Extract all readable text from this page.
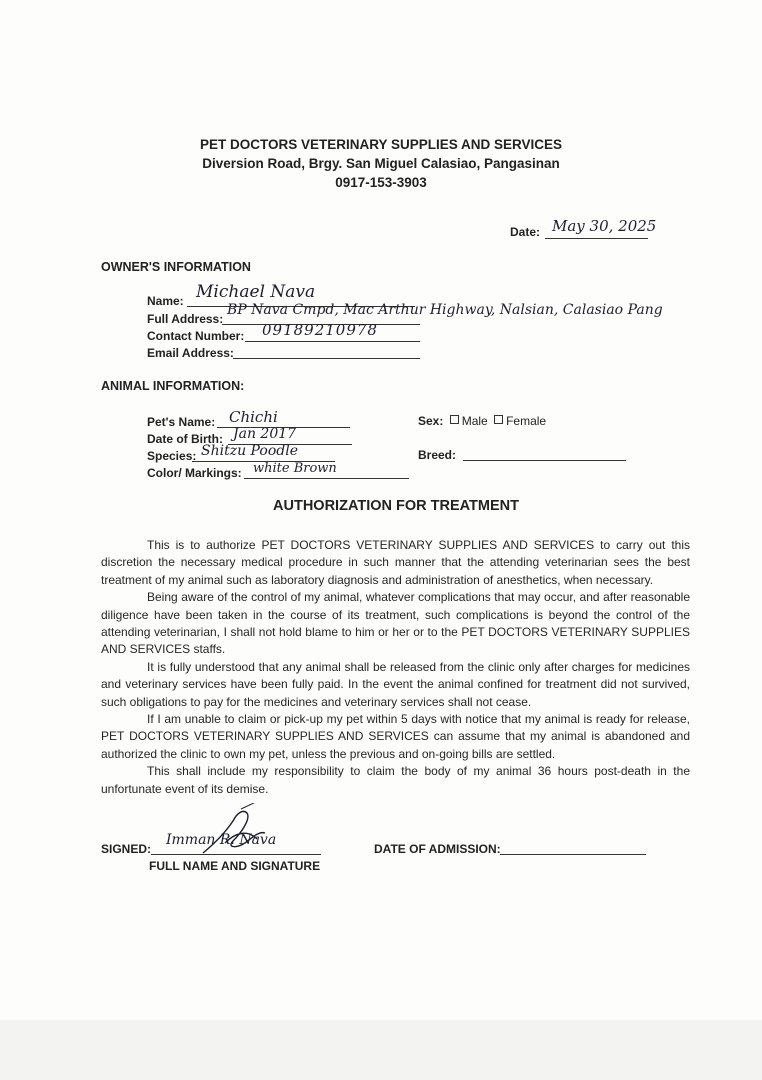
PET DOCTORS VETERINARY SUPPLIES AND SERVICES
Diversion Road, Brgy. San Miguel Calasiao, Pangasinan
0917-153-3903
Date: May 30, 2025
OWNER'S INFORMATION
Name: Michael Nava
Full Address:
BP Nava Cmpd, Mac Arthur Highway, Nalsian, Calasiao Pang
Contact Number: 09189210978
Email Address:
ANIMAL INFORMATION:
Pet's Name: Chichi
Date of Birth: Jan 2017
Species: Shitzu Poodle
Color/ Markings: white Brown
Sex: Male Female
Breed:
AUTHORIZATION FOR TREATMENT

This is to authorize PET DOCTORS VETERINARY SUPPLIES AND SERVICES to carry out this discretion the necessary medical procedure in such manner that the attending veterinarian sees the best treatment of my animal such as laboratory diagnosis and administration of anesthetics, when necessary.

Being aware of the control of my animal, whatever complications that may occur, and after reasonable diligence have been taken in the course of its treatment, such complications is beyond the control of the attending veterinarian, I shall not hold blame to him or her or to the PET DOCTORS VETERINARY SUPPLIES AND SERVICES staffs.

It is fully understood that any animal shall be released from the clinic only after charges for medicines and veterinary services have been fully paid. In the event the animal confined for treatment did not survived, such obligations to pay for the medicines and veterinary services shall not cease.

If I am unable to claim or pick-up my pet within 5 days with notice that my animal is ready for release, PET DOCTORS VETERINARY SUPPLIES AND SERVICES can assume that my animal is abandoned and authorized the clinic to own my pet, unless the previous and on-going bills are settled.

This shall include my responsibility to claim the body of my animal 36 hours post-death in the unfortunate event of its demise.

SIGNED:
Imman R. Nava
FULL NAME AND SIGNATURE
DATE OF ADMISSION:
